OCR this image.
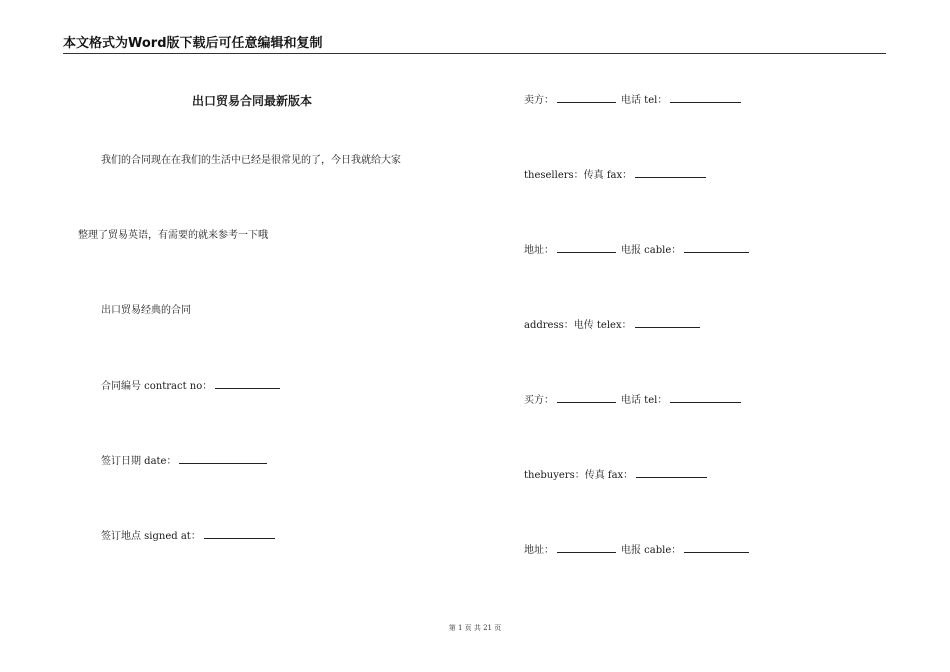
本文格式为Word版下载后可任意编辑和复制
出口贸易合同最新版本
我们的合同现在在我们的生活中已经是很常见的了，今日我就给大家
整理了贸易英语，有需要的就来参考一下哦
出口贸易经典的合同
合同编号 contract no：
签订日期 date：
签订地点 signed at：
卖方：	电话 tel：
thesellers：传真 fax：
地址：	电报 cable：
address：电传 telex：
买方：	电话 tel：
thebuyers：传真 fax：
地址：	电报 cable：
第 1 页 共 21 页
